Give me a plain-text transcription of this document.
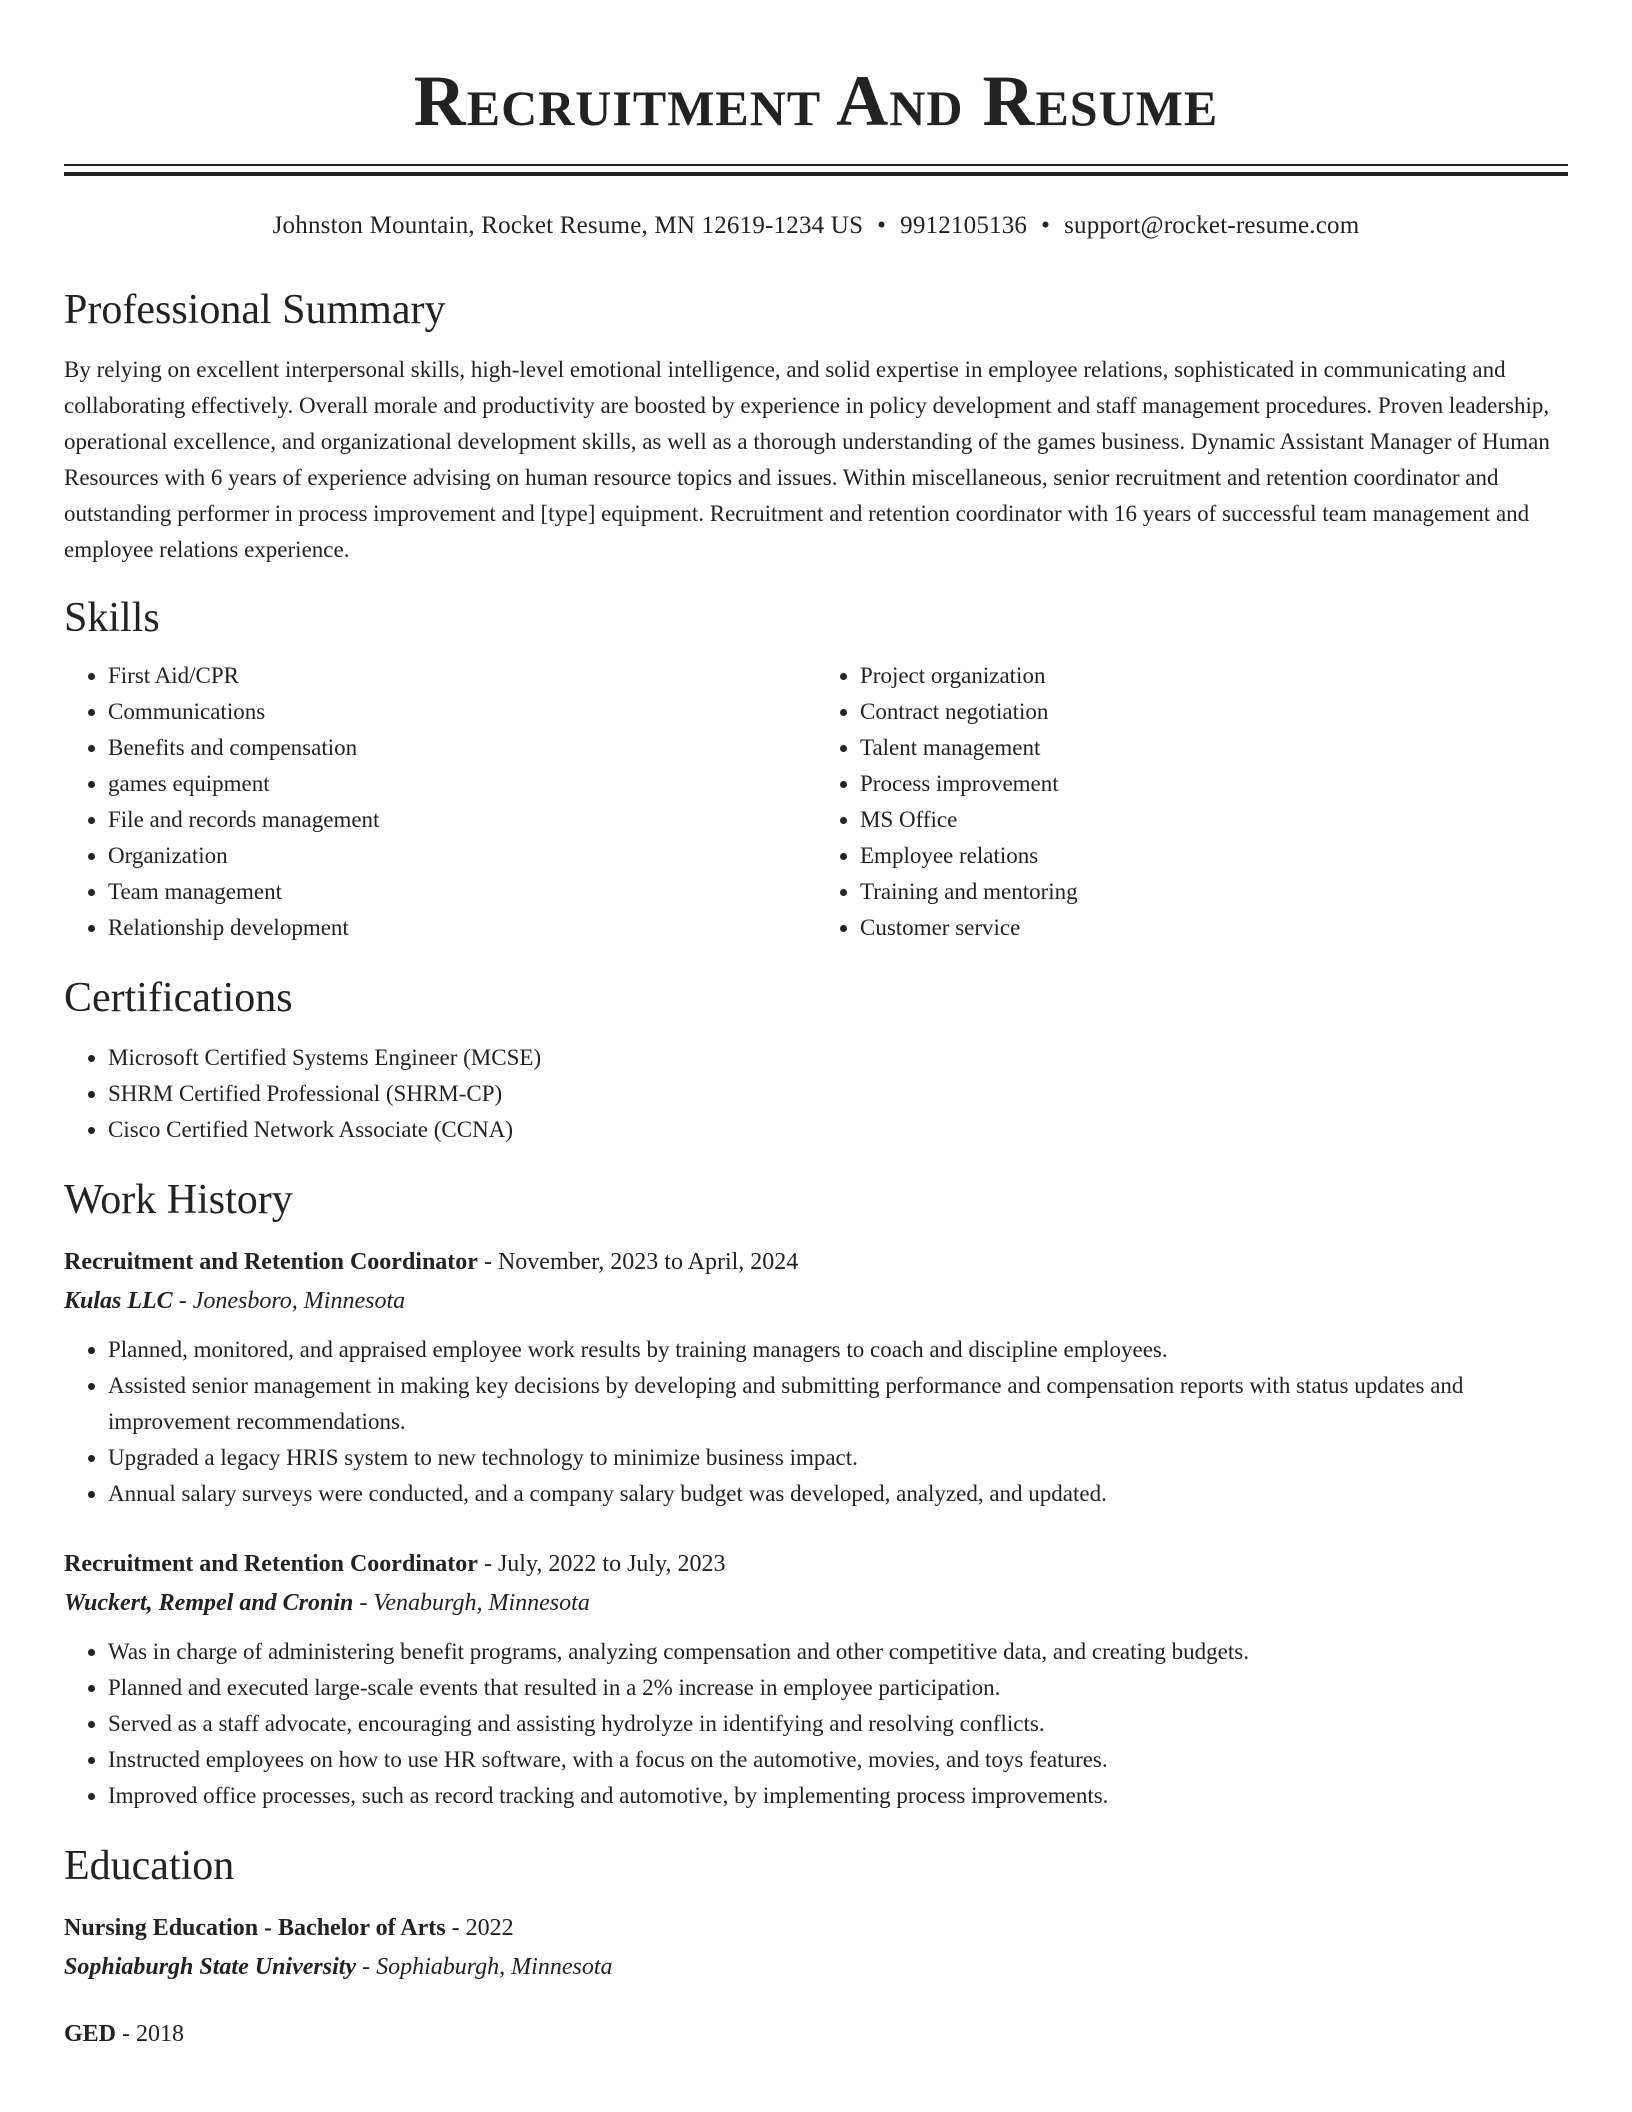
Recruitment And Resume
Johnston Mountain, Rocket Resume, MN 12619-1234 US • 9912105136 • support@rocket-resume.com
Professional Summary

By relying on excellent interpersonal skills, high-level emotional intelligence, and solid expertise in employee relations, sophisticated in communicating and collaborating effectively. Overall morale and productivity are boosted by experience in policy development and staff management procedures. Proven leadership, operational excellence, and organizational development skills, as well as a thorough understanding of the games business. Dynamic Assistant Manager of Human Resources with 6 years of experience advising on human resource topics and issues. Within miscellaneous, senior recruitment and retention coordinator and outstanding performer in process improvement and [type] equipment. Recruitment and retention coordinator with 16 years of successful team management and employee relations experience.

Skills
• First Aid/CPR
• Communications
• Benefits and compensation
• games equipment
• File and records management
• Organization
• Team management
• Relationship development
• Project organization
• Contract negotiation
• Talent management
• Process improvement
• MS Office
• Employee relations
• Training and mentoring
• Customer service
Certifications
• Microsoft Certified Systems Engineer (MCSE)
• SHRM Certified Professional (SHRM-CP)
• Cisco Certified Network Associate (CCNA)
Work History
Recruitment and Retention Coordinator - November, 2023 to April, 2024
Kulas LLC - Jonesboro, Minnesota
• Planned, monitored, and appraised employee work results by training managers to coach and discipline employees.
• Assisted senior management in making key decisions by developing and submitting performance and compensation reports with status updates and improvement recommendations.
• Upgraded a legacy HRIS system to new technology to minimize business impact.
• Annual salary surveys were conducted, and a company salary budget was developed, analyzed, and updated.
Recruitment and Retention Coordinator - July, 2022 to July, 2023
Wuckert, Rempel and Cronin - Venaburgh, Minnesota
• Was in charge of administering benefit programs, analyzing compensation and other competitive data, and creating budgets.
• Planned and executed large-scale events that resulted in a 2% increase in employee participation.
• Served as a staff advocate, encouraging and assisting hydrolyze in identifying and resolving conflicts.
• Instructed employees on how to use HR software, with a focus on the automotive, movies, and toys features.
• Improved office processes, such as record tracking and automotive, by implementing process improvements.
Education
Nursing Education - Bachelor of Arts - 2022
Sophiaburgh State University - Sophiaburgh, Minnesota
GED - 2018
